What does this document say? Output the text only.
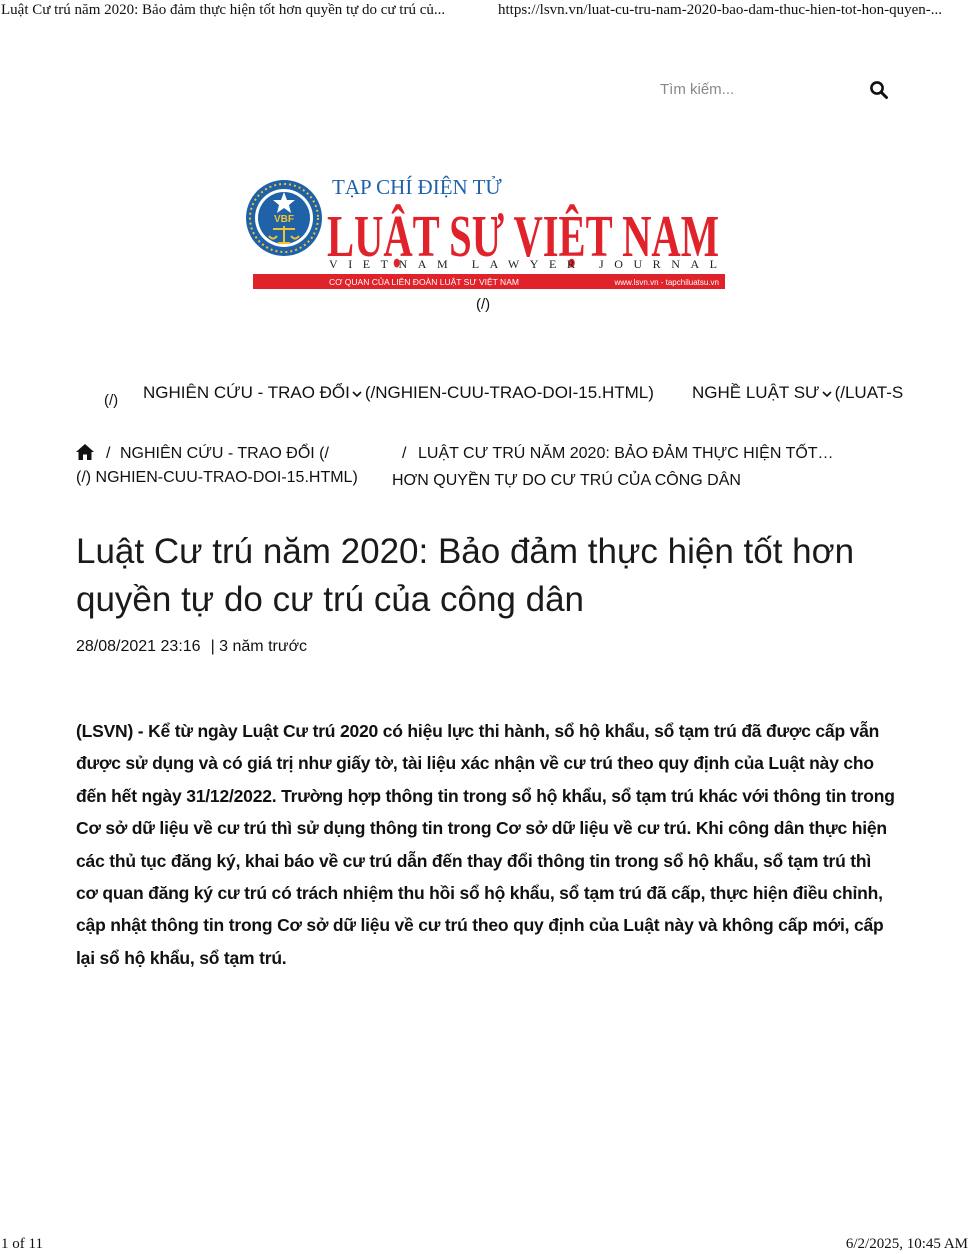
Luật Cư trú năm 2020: Bảo đảm thực hiện tốt hơn quyền tự do cư trú củ...	https://lsvn.vn/luat-cu-tru-nam-2020-bao-dam-thuc-hien-tot-hon-quyen-...
Tìm kiếm...
VBF
TẠP CHÍ ĐIỆN TỬ
LUẬT SƯ VIỆT NAM
VIETNAM LAWYER JOURNAL
CƠ QUAN CỦA LIÊN ĐOÀN LUẬT SƯ VIỆT NAM	www.lsvn.vn - tapchiluatsu.vn
(/)
(/) NGHIÊN CỨU - TRAO ĐỔI (/NGHIEN-CUU-TRAO-DOI-15.HTML) NGHỀ LUẬT SƯ (/LUAT-S
/ NGHIÊN CỨU - TRAO ĐỔI (/
(/) NGHIEN-CUU-TRAO-DOI-15.HTML)
/ LUẬT CƯ TRÚ NĂM 2020: BẢO ĐẢM THỰC HIỆN TỐT…
HƠN QUYỀN TỰ DO CƯ TRÚ CỦA CÔNG DÂN
Luật Cư trú năm 2020: Bảo đảm thực hiện tốt hơn quyền tự do cư trú của công dân
28/08/2021 23:16 | 3 năm trước

(LSVN) - Kể từ ngày Luật Cư trú 2020 có hiệu lực thi hành, sổ hộ khẩu, sổ tạm trú đã được cấp vẫn được sử dụng và có giá trị như giấy tờ, tài liệu xác nhận về cư trú theo quy định của Luật này cho đến hết ngày 31/12/2022. Trường hợp thông tin trong sổ hộ khẩu, sổ tạm trú khác với thông tin trong Cơ sở dữ liệu về cư trú thì sử dụng thông tin trong Cơ sở dữ liệu về cư trú. Khi công dân thực hiện các thủ tục đăng ký, khai báo về cư trú dẫn đến thay đổi thông tin trong sổ hộ khẩu, sổ tạm trú thì cơ quan đăng ký cư trú có trách nhiệm thu hồi sổ hộ khẩu, sổ tạm trú đã cấp, thực hiện điều chỉnh, cập nhật thông tin trong Cơ sở dữ liệu về cư trú theo quy định của Luật này và không cấp mới, cấp lại sổ hộ khẩu, sổ tạm trú.

1 of 11	6/2/2025, 10:45 AM
